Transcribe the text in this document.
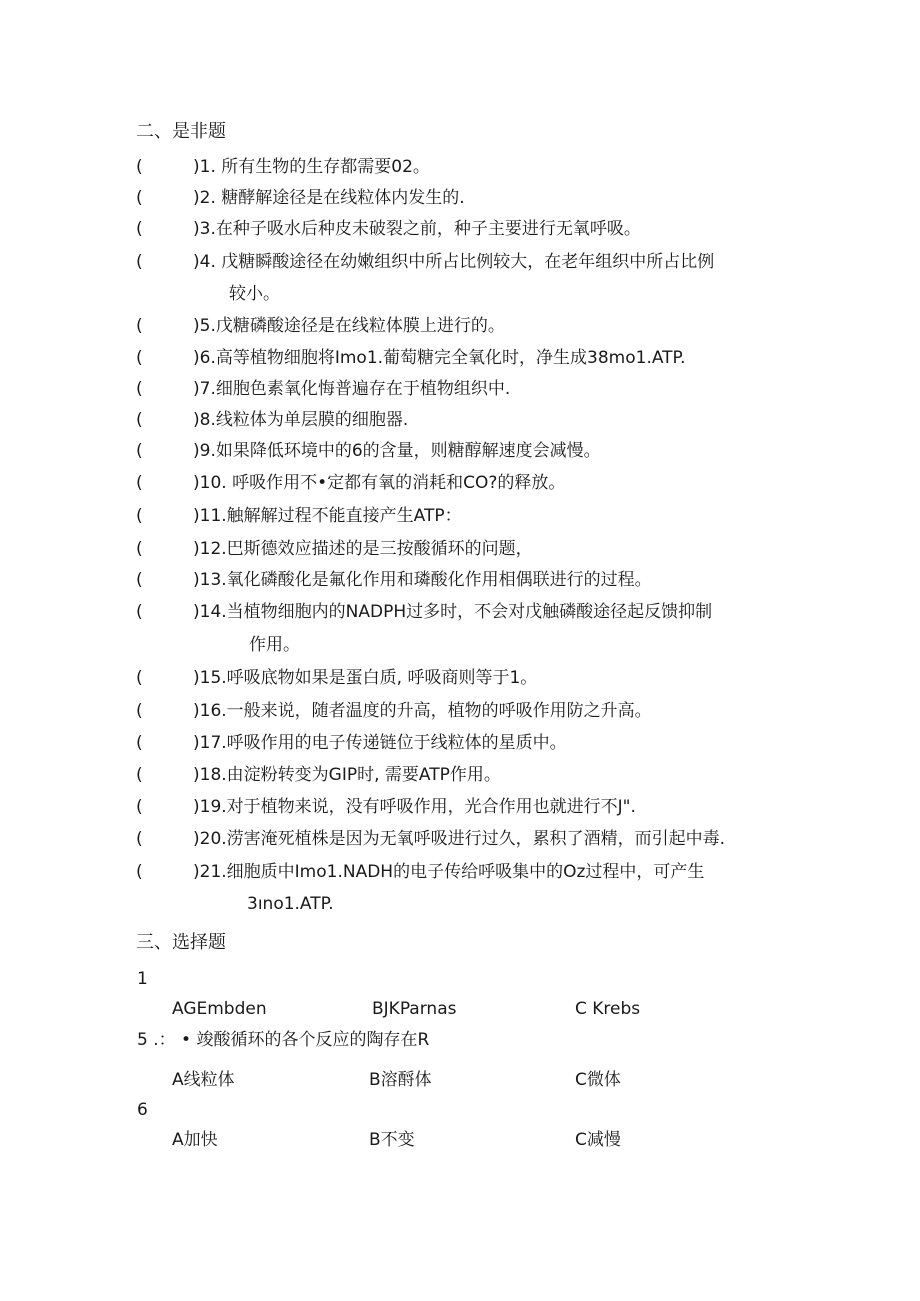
二、是非题
(	)1. 所有生物的生存都需要02。
(	)2. 糖酵解途径是在线粒体内发生的.
(	)3.在种子吸水后种皮未破裂之前，种子主要进行无氧呼吸。
(	)4. 戊糖瞬酸途径在幼嫩组织中所占比例较大，在老年组织中所占比例
较小。
(	)5.戊糖磷酸途径是在线粒体膜上进行的。
(	)6.高等植物细胞将Imo1.葡萄糖完全氧化时，净生成38mo1.ATP.
(	)7.细胞色素氧化悔普遍存在于植物组织中.
(	)8.线粒体为单层膜的细胞器.
(	)9.如果降低环境中的6的含量，则糖醇解速度会减慢。
(	)10. 呼吸作用不•定都有氧的消耗和CO?的释放。
(	)11.触解解过程不能直接产生ATP：
(	)12.巴斯德效应描述的是三按酸循环的问题，
(	)13.氧化磷酸化是氟化作用和璘酸化作用相偶联进行的过程。
(	)14.当植物细胞内的NADPH过多时，不会对戊触磷酸途径起反馈抑制
作用。
(	)15.呼吸底物如果是蛋白质, 呼吸商则等于1。
(	)16.一般来说，随者温度的升高，植物的呼吸作用防之升高。
(	)17.呼吸作用的电子传递链位于线粒体的星质中。
(	)18.由淀粉转变为GIP时, 需要ATP作用。
(	)19.对于植物来说，没有呼吸作用，光合作用也就进行不J".
(	)20.涝害淹死植株是因为无氧呼吸进行过久，累积了酒精，而引起中毒.
(	)21.细胞质中Imo1.NADH的电子传给呼吸集中的Oz过程中，可产生
3ıno1.ATP.
三、选择题
1
AGEmbden	BJKParnas	C Krebs
5 .： • 竣酸循环的各个反应的陶存在R
A线粒体	B溶酹体	C微体
6
A加快	B不变	C减慢
